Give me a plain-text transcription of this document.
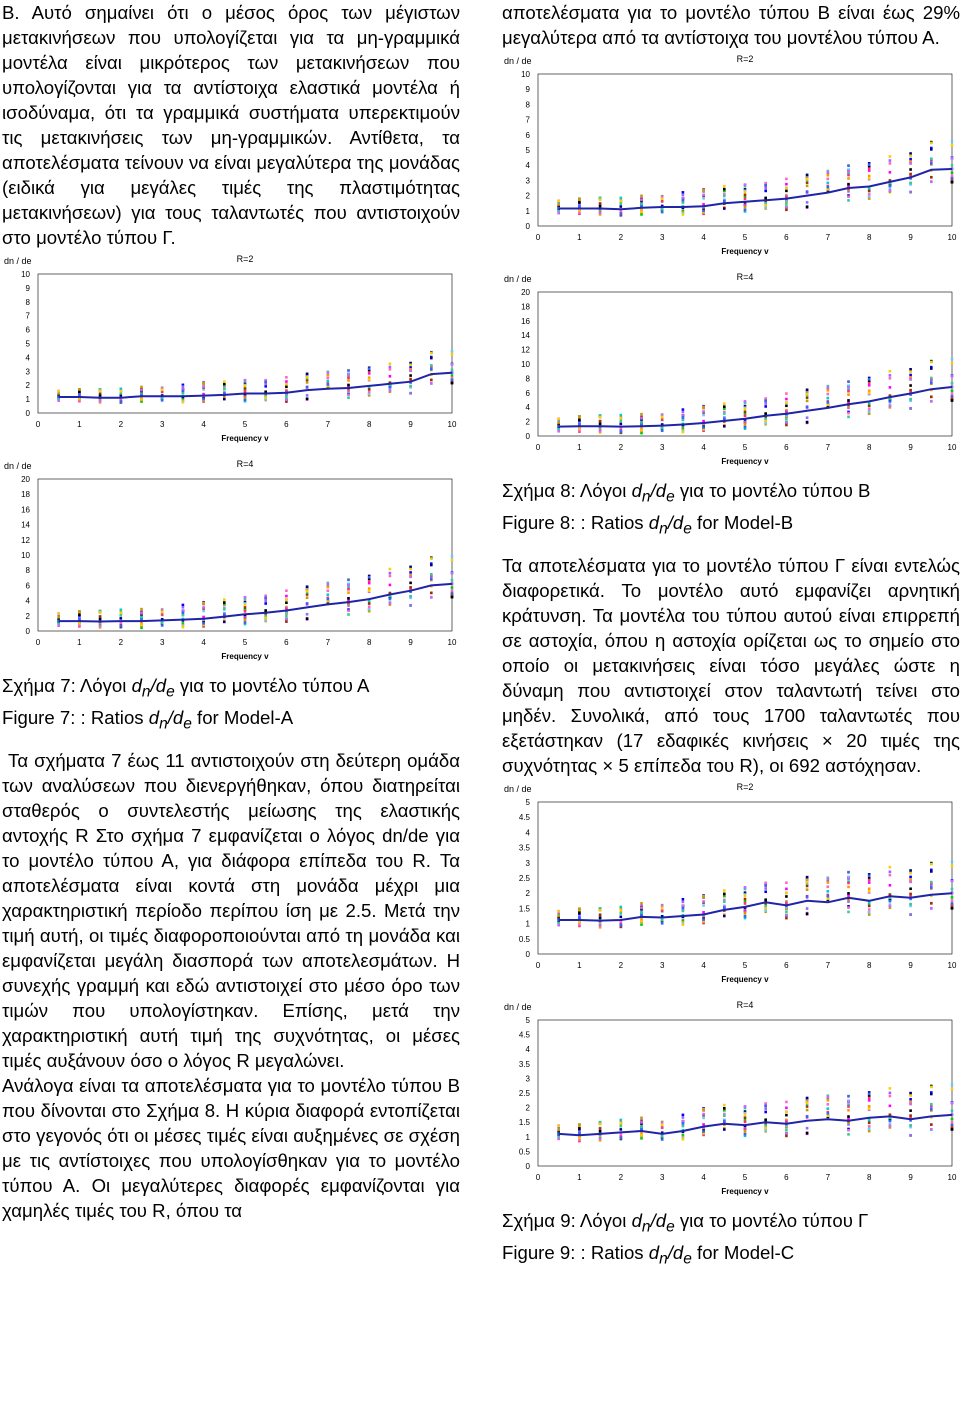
Β. Αυτό σημαίνει ότι ο μέσος όρος των μέγιστων μετακινήσεων που υπολογίζεται για τα μη-γραμμικά μοντέλα είναι μικρότερος των μετακινήσεων που υπολογίζονται για τα αντίστοιχα ελαστικά μοντέλα ή ισοδύναμα, ότι τα γραμμικά συστήματα υπερεκτιμούν τις μετακινήσεις των μη-γραμμικών. Αντίθετα, τα αποτελέσματα τείνουν να είναι μεγαλύτερα της μονάδας (ειδικά για μεγάλες τιμές της πλαστιμότητας μετακινήσεων) για τους ταλαντωτές που αντιστοιχούν στο μοντέλο τύπου Γ.

R=2
dn / de
0
1
2
3
4
5
6
7
8
9
10
0	1	2	3	4	5	6	7	8	9	10
Frequency v
R=4
dn / de
0
2
4
6
8
10
12
14
16
18
20
0	1	2	3	4	5	6	7	8	9	10
Frequency v

Σχήμα 7: Λόγοι $d_n/d_e$ για το μοντέλο τύπου Α

Figure 7: : Ratios $d_n/d_e$ for Model-A

Τα σχήματα 7 έως 11 αντιστοιχούν στη δεύτερη ομάδα των αναλύσεων που διενεργήθηκαν, όπου διατηρείται σταθερός ο συντελεστής μείωσης της ελαστικής αντοχής R Στο σχήμα 7 εμφανίζεται ο λόγος dn/de για το μοντέλο τύπου Α, για διάφορα επίπεδα του R. Τα αποτελέσματα είναι κοντά στη μονάδα μέχρι μια χαρακτηριστική περίοδο περίπου ίση με 2.5. Μετά την τιμή αυτή, οι τιμές διαφοροποιούνται από τη μονάδα και εμφανίζεται μεγάλη διασπορά των αποτελεσμάτων. Η συνεχής γραμμή και εδώ αντιστοιχεί στο μέσο όρο των τιμών που υπολογίστηκαν. Επίσης, μετά την χαρακτηριστική αυτή τιμή της συχνότητας, οι μέσες τιμές αυξάνουν όσο ο λόγος R μεγαλώνει.

Ανάλογα είναι τα αποτελέσματα για το μοντέλο τύπου Β που δίνονται στο Σχήμα 8. Η κύρια διαφορά εντοπίζεται στο γεγονός ότι οι μέσες τιμές είναι αυξημένες σε σχέση με τις αντίστοιχες που υπολογίσθηκαν για το μοντέλο τύπου Α. Οι μεγαλύτερες διαφορές εμφανίζονται για χαμηλές τιμές του R, όπου τα

αποτελέσματα για το μοντέλο τύπου Β είναι έως 29% μεγαλύτερα από τα αντίστοιχα του μοντέλου τύπου Α.

R=2
dn / de
0
1
2
3
4
5
6
7
8
9
10
0	1	2	3	4	5	6	7	8	9	10
Frequency v
R=4
dn / de
0
2
4
6
8
10
12
14
16
18
20
0	1	2	3	4	5	6	7	8	9	10
Frequency v

Σχήμα 8: Λόγοι $d_n/d_e$ για το μοντέλο τύπου Β

Figure 8: : Ratios $d_n/d_e$ for Model-B

Τα αποτελέσματα για το μοντέλο τύπου Γ είναι εντελώς διαφορετικά. Το μοντέλο αυτό εμφανίζει αρνητική κράτυνση. Τα μοντέλα του τύπου αυτού είναι επιρρεπή σε αστοχία, όπου η αστοχία ορίζεται ως το σημείο στο οποίο οι μετακινήσεις είναι τόσο μεγάλες ώστε η δύναμη που αντιστοιχεί στον ταλαντωτή τείνει στο μηδέν. Συνολικά, από τους 1700 ταλαντωτές που εξετάστηκαν (17 εδαφικές κινήσεις × 20 τιμές της συχνότητας × 5 επίπεδα του R), οι 692 αστόχησαν.

R=2
dn / de
0
0.5
1
1.5
2
2.5
3
3.5
4
4.5
5
0	1	2	3	4	5	6	7	8	9	10
Frequency v
R=4
dn / de
0
0.5
1
1.5
2
2.5
3
3.5
4
4.5
5
0	1	2	3	4	5	6	7	8	9	10
Frequency v

Σχήμα 9: Λόγοι $d_n/d_e$ για το μοντέλο τύπου Γ

Figure 9: : Ratios $d_n/d_e$ for Model-C
